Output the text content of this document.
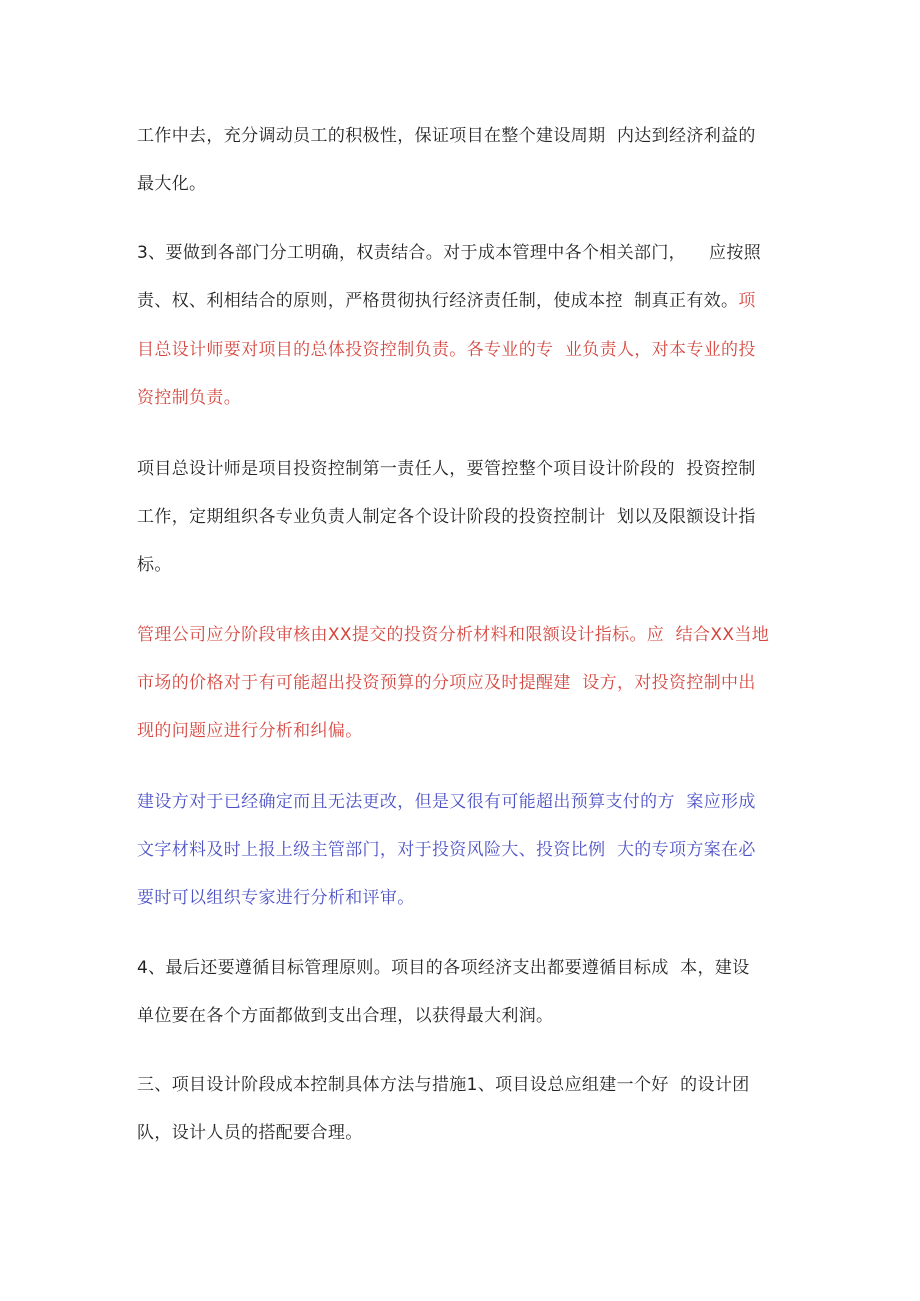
工作中去，充分调动员工的积极性，保证项目在整个建设周期  内达到经济利益的

最大化。

3、要做到各部门分工明确，权责结合。对于成本管理中各个相关部门，    应按照

责、权、利相结合的原则，严格贯彻执行经济责任制，使成本控  制真正有效。项

目总设计师要对项目的总体投资控制负责。各专业的专  业负责人，对本专业的投

资控制负责。

项目总设计师是项目投资控制第一责任人，要管控整个项目设计阶段的  投资控制

工作，定期组织各专业负责人制定各个设计阶段的投资控制计  划以及限额设计指

标。

管理公司应分阶段审核由XX提交的投资分析材料和限额设计指标。应  结合XX当地

市场的价格对于有可能超出投资预算的分项应及时提醒建  设方，对投资控制中出

现的问题应进行分析和纠偏。

建设方对于已经确定而且无法更改，但是又很有可能超出预算支付的方  案应形成

文字材料及时上报上级主管部门，对于投资风险大、投资比例  大的专项方案在必

要时可以组织专家进行分析和评审。

4、最后还要遵循目标管理原则。项目的各项经济支出都要遵循目标成  本，建设

单位要在各个方面都做到支出合理，以获得最大利润。

三、项目设计阶段成本控制具体方法与措施1、项目设总应组建一个好  的设计团

队，设计人员的搭配要合理。
